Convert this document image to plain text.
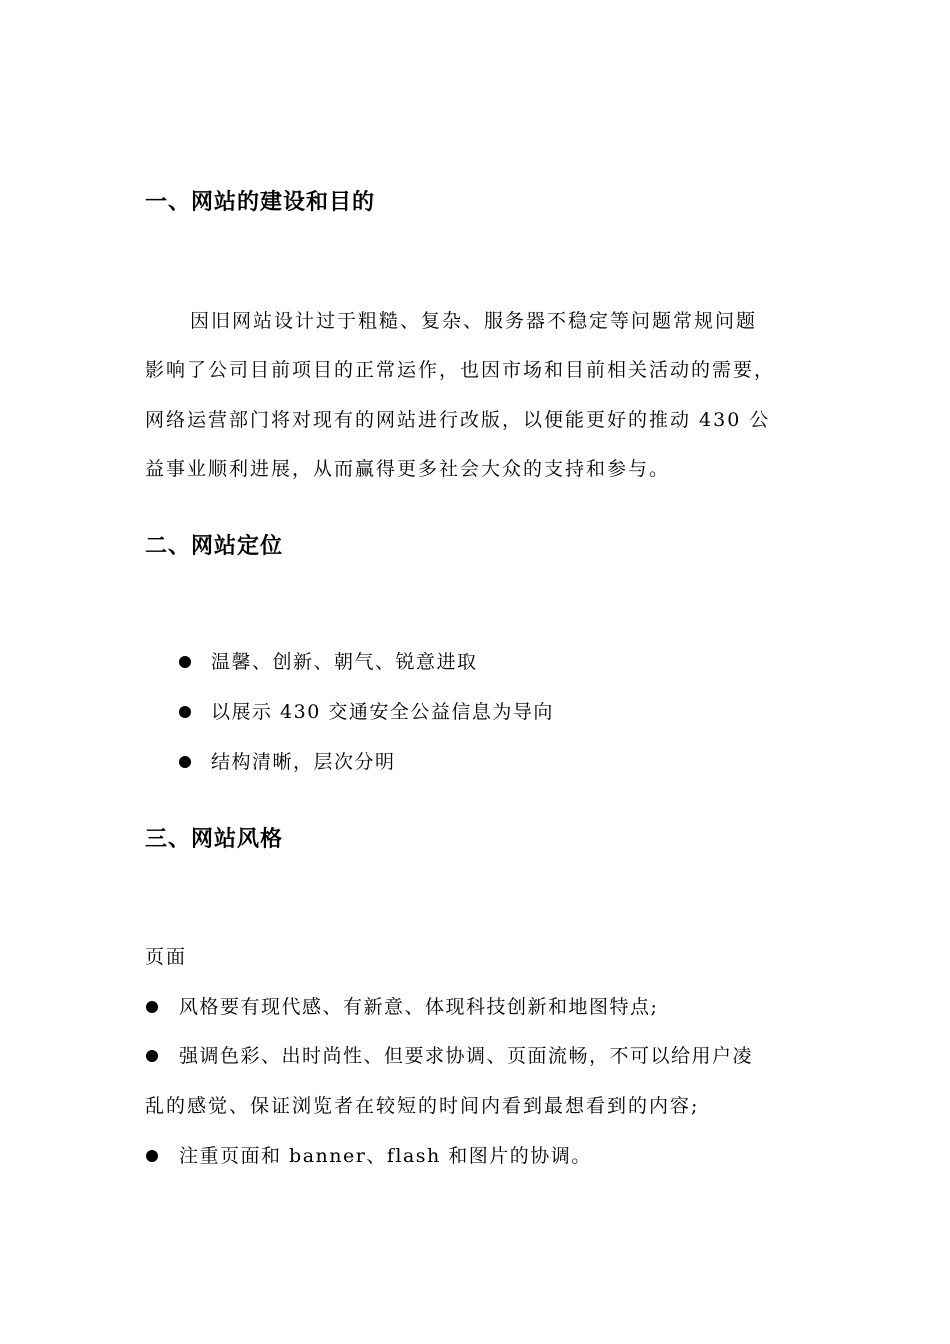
一、网站的建设和目的
因旧网站设计过于粗糙、复杂、服务器不稳定等问题常规问题
影响了公司目前项目的正常运作，也因市场和目前相关活动的需要，
网络运营部门将对现有的网站进行改版，以便能更好的推动 430 公
益事业顺利进展，从而赢得更多社会大众的支持和参与。
二、网站定位
温馨、创新、朝气、锐意进取
以展示 430 交通安全公益信息为导向
结构清晰，层次分明
三、网站风格
页面
风格要有现代感、有新意、体现科技创新和地图特点;
强调色彩、出时尚性、但要求协调、页面流畅，不可以给用户凌
乱的感觉、保证浏览者在较短的时间内看到最想看到的内容;
注重页面和 banner、flash 和图片的协调。
